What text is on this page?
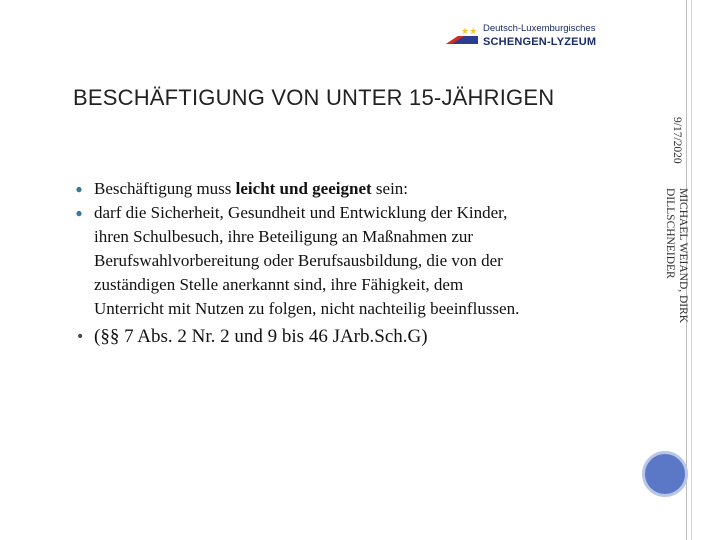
★★ Deutsch-Luxemburgisches
SCHENGEN-LYZEUM
BESCHÄFTIGUNG VON UNTER 15-JÄHRIGEN
9/17/2020
MICHAEL WEIAND, DIRK
DILLSCHNEIDER
⦁ Beschäftigung muss leicht und geeignet sein:
⦁ darf die Sicherheit, Gesundheit und Entwicklung der Kinder,
ihren Schulbesuch, ihre Beteiligung an Maßnahmen zur
Berufswahlvorbereitung oder Berufsausbildung, die von der
zuständigen Stelle anerkannt sind, ihre Fähigkeit, dem
Unterricht mit Nutzen zu folgen, nicht nachteilig beeinflussen.
• (§§ 7 Abs. 2 Nr. 2 und 9 bis 46 JArb.Sch.G)
